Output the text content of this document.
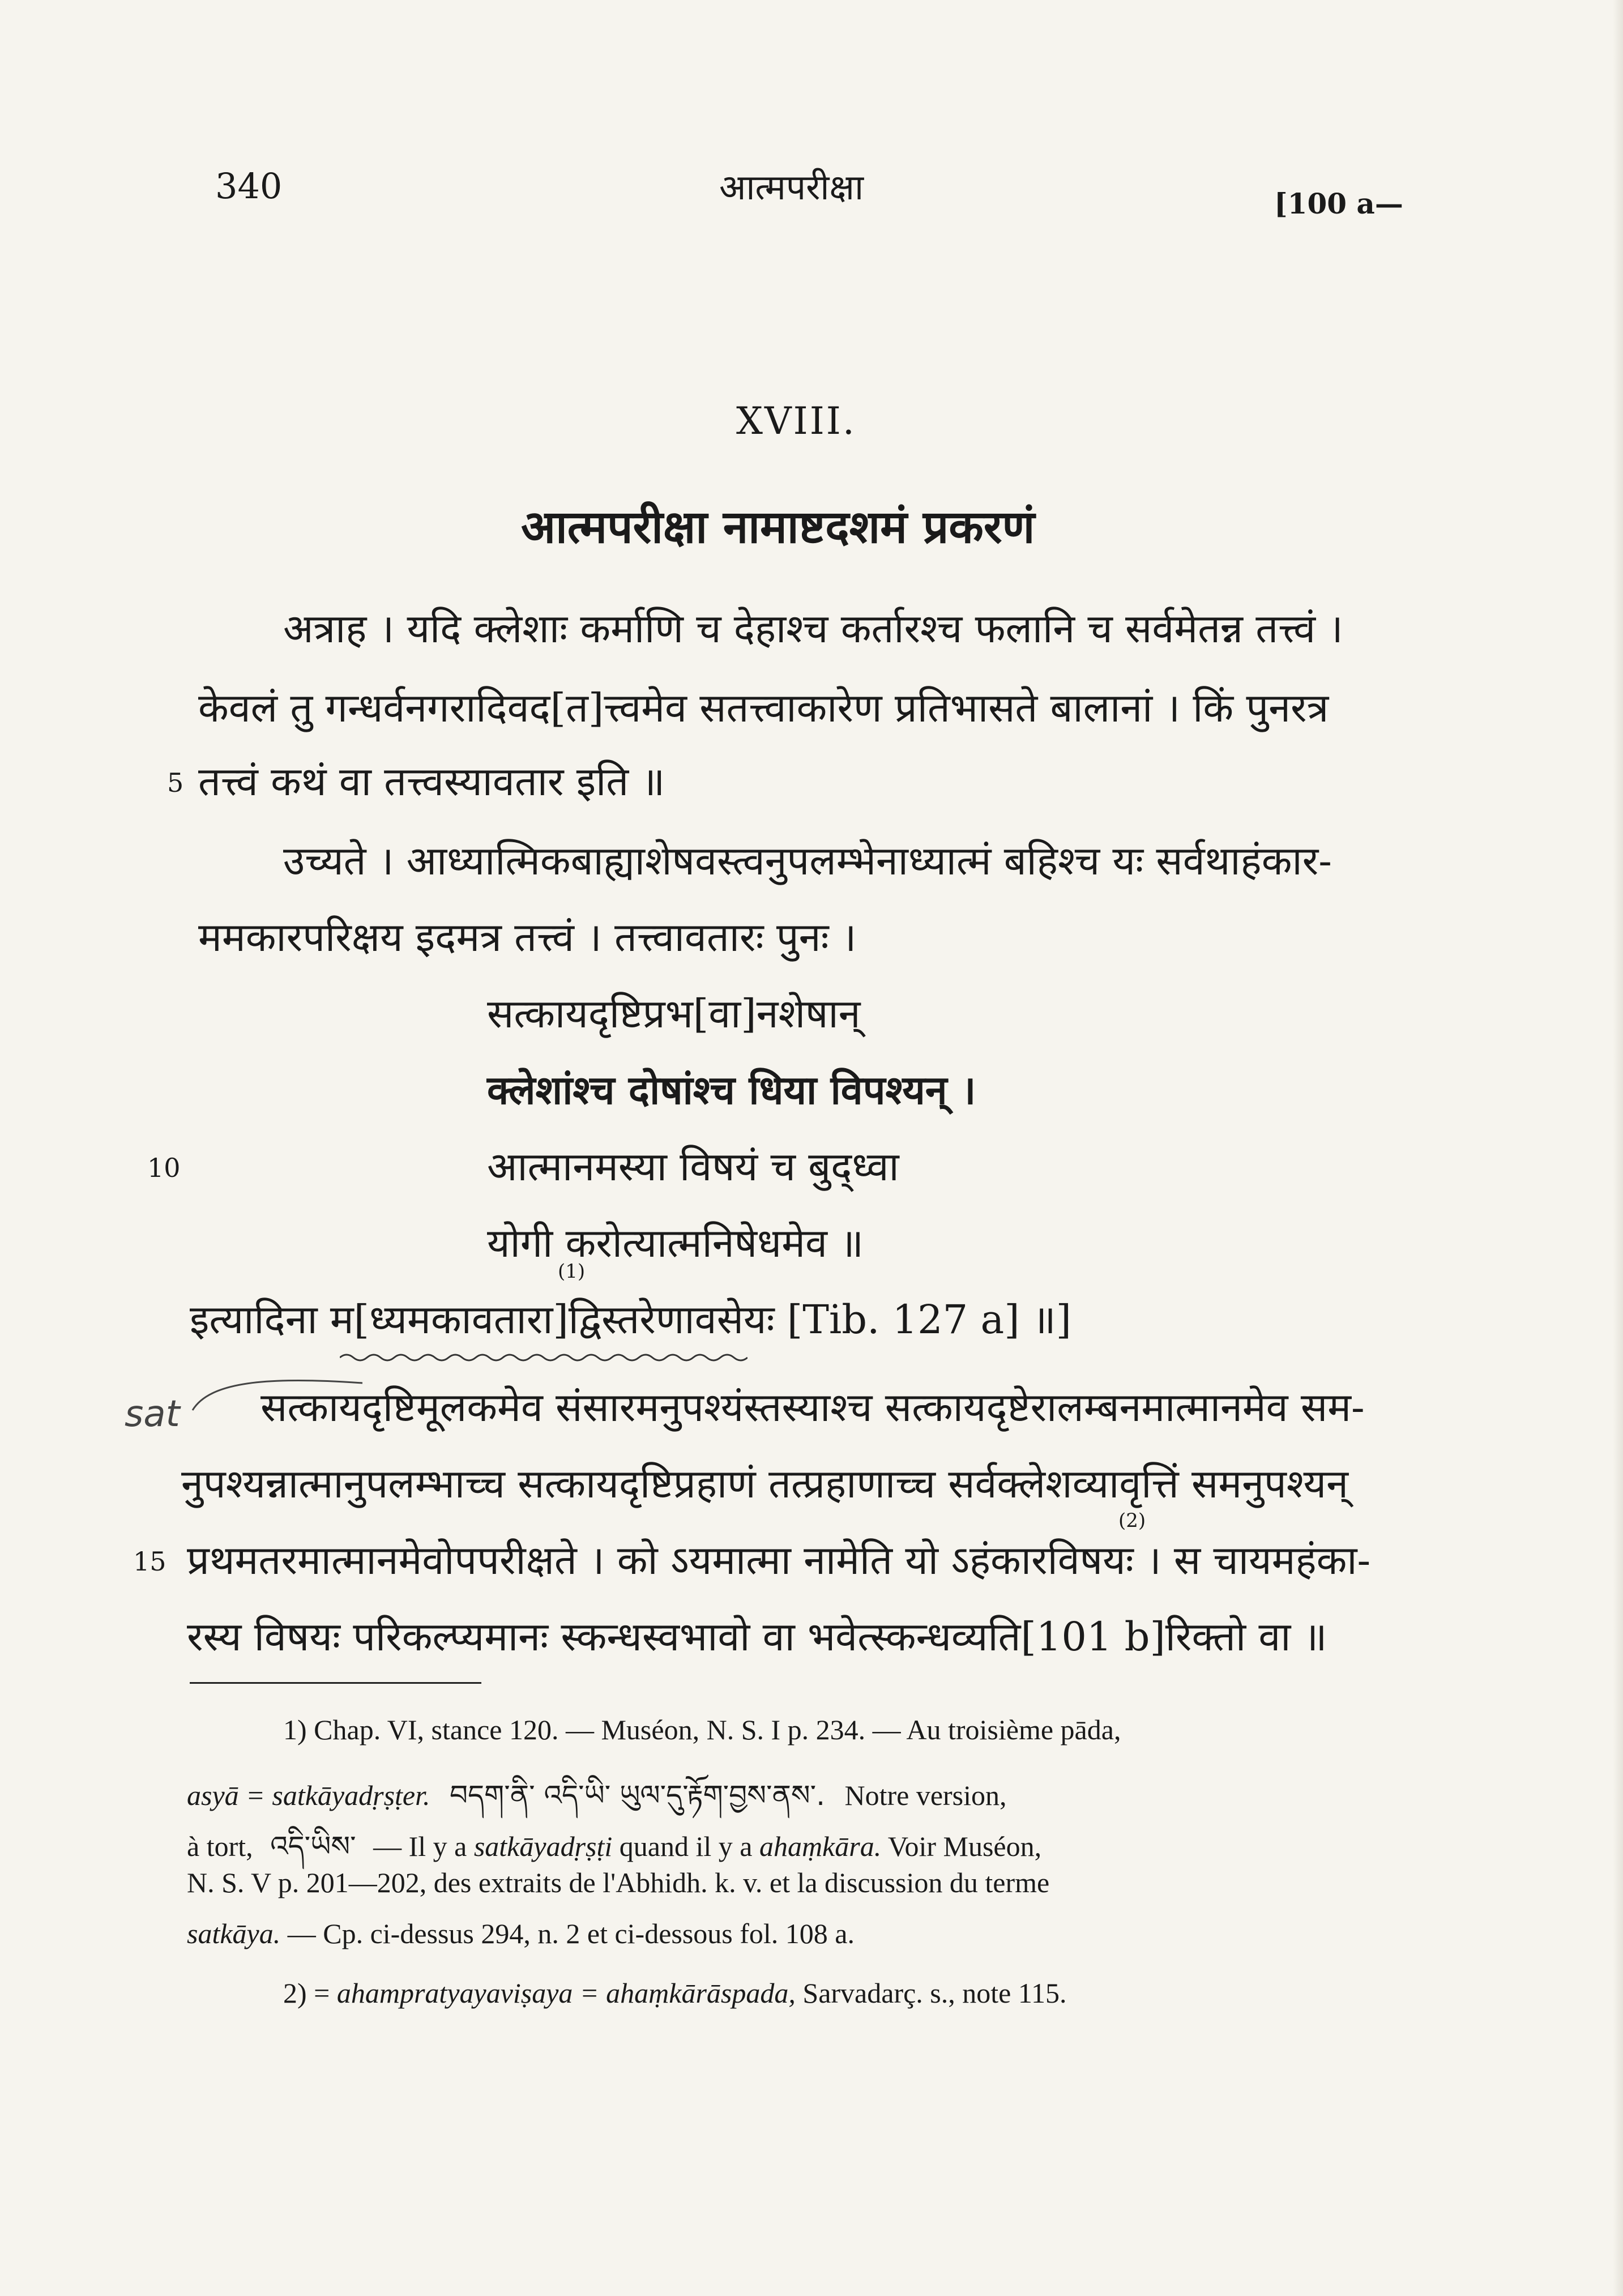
340	आत्मपरीक्षा	[100 a—
XVIII.
आत्मपरीक्षा नामाष्टदशमं प्रकरणं
अत्राह । यदि क्लेशाः कर्माणि च देहाश्च कर्तारश्च फलानि च सर्वमेतन्न तत्त्वं ।
केवलं तु गन्धर्वनगरादिवद[त]त्त्वमेव सतत्त्वाकारेण प्रतिभासते बालानां । किं पुनरत्र
5 तत्त्वं कथं वा तत्त्वस्यावतार इति ॥
उच्यते । आध्यात्मिकबाह्याशेषवस्त्वनुपलम्भेनाध्यात्मं बहिश्च यः सर्वथाहंकार-
ममकारपरिक्षय इदमत्र तत्त्वं । तत्त्वावतारः पुनः ।
सत्कायदृष्टिप्रभ[वा]नशेषान्
क्लेशांश्च दोषांश्च धिया विपश्यन् ।
10	आत्मानमस्या विषयं च बुद्ध्वा
योगी करोत्यात्मनिषेधमेव ॥
(1)
इत्यादिना म[ध्यमकावतारा]द्विस्तरेणावसेयः [Tib. 127 a] ॥]
sat सत्कायदृष्टिमूलकमेव संसारमनुपश्यंस्तस्याश्च सत्कायदृष्टेरालम्बनमात्मानमेव सम-
नुपश्यन्नात्मानुपलम्भाच्च सत्कायदृष्टिप्रहाणं तत्प्रहाणाच्च सर्वक्लेशव्यावृत्तिं समनुपश्यन्
(2)
15 प्रथमतरमात्मानमेवोपपरीक्षते । को ऽयमात्मा नामेति यो ऽहंकारविषयः । स चायमहंका-
रस्य विषयः परिकल्प्यमानः स्कन्धस्वभावो वा भवेत्स्कन्धव्यति[101 b]रिक्तो वा ॥
1) Chap. VI, stance 120. — Muséon, N. S. I p. 234. — Au troisième pāda,
asyā = satkāyadṛṣṭer. བདག་ནི་ འདི་ཡི་ ཡུལ་དུ་རྟོག་བྱས་ནས་. Notre version,
à tort, འདི་ཡིས་ — Il y a satkāyadṛṣṭi quand il y a ahaṃkāra. Voir Muséon,
N. S. V p. 201—202, des extraits de l'Abhidh. k. v. et la discussion du terme
satkāya. — Cp. ci-dessus 294, n. 2 et ci-dessous fol. 108 a.
2) = ahampratyayaviṣaya = ahaṃkārāspada, Sarvadarç. s., note 115.
